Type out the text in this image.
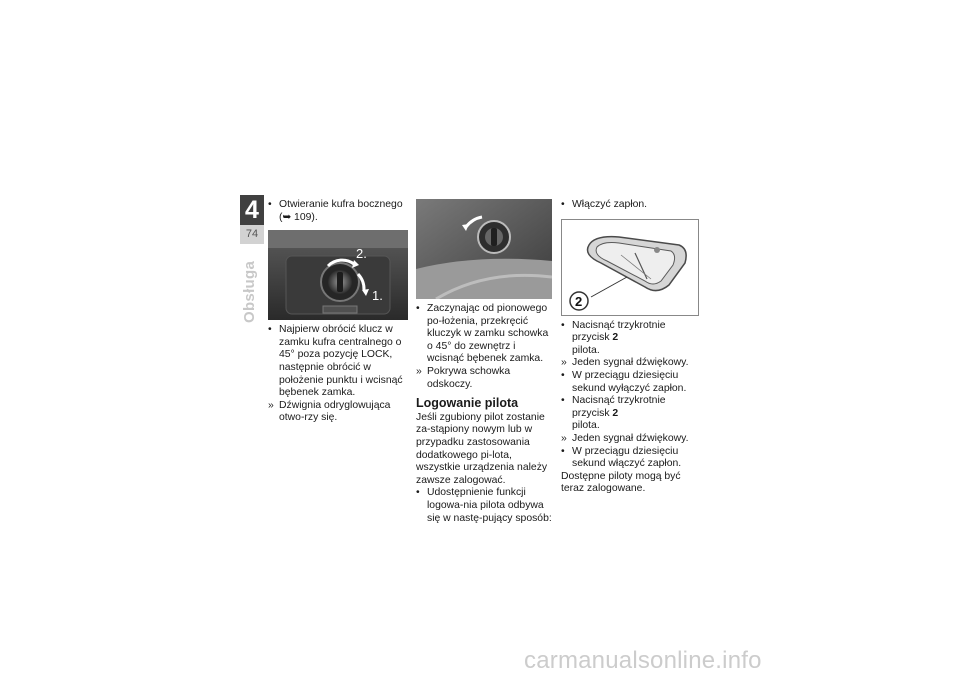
4
74
Obsługa

• Otwieranie kufra bocznego
(➥ 109).

2.
1.

• Najpierw obrócić klucz w zamku kufra centralnego o 45° poza pozycję LOCK, następnie obrócić w położenie punktu i wcisnąć bębenek zamka.

» Dźwignia odryglowująca otwo-rzy się.

• Zaczynając od pionowego po-łożenia, przekręcić kluczyk w zamku schowka o 45° do zewnętrz i wcisnąć bębenek zamka.

» Pokrywa schowka odskoczy.

Logowanie pilota

Jeśli zgubiony pilot zostanie za-stąpiony nowym lub w przypadku zastosowania dodatkowego pi-lota, wszystkie urządzenia należy zawsze zalogować.

• Udostępnienie funkcji logowa-nia pilota odbywa się w nastę-pujący sposób:

• Włączyć zapłon.

2

• Nacisnąć trzykrotnie przycisk 2
pilota.

» Jeden sygnał dźwiękowy.

• W przeciągu dziesięciu sekund wyłączyć zapłon.

• Nacisnąć trzykrotnie przycisk 2
pilota.

» Jeden sygnał dźwiękowy.

• W przeciągu dziesięciu sekund włączyć zapłon.

Dostępne piloty mogą być teraz zalogowane.

carmanualsonline.info
